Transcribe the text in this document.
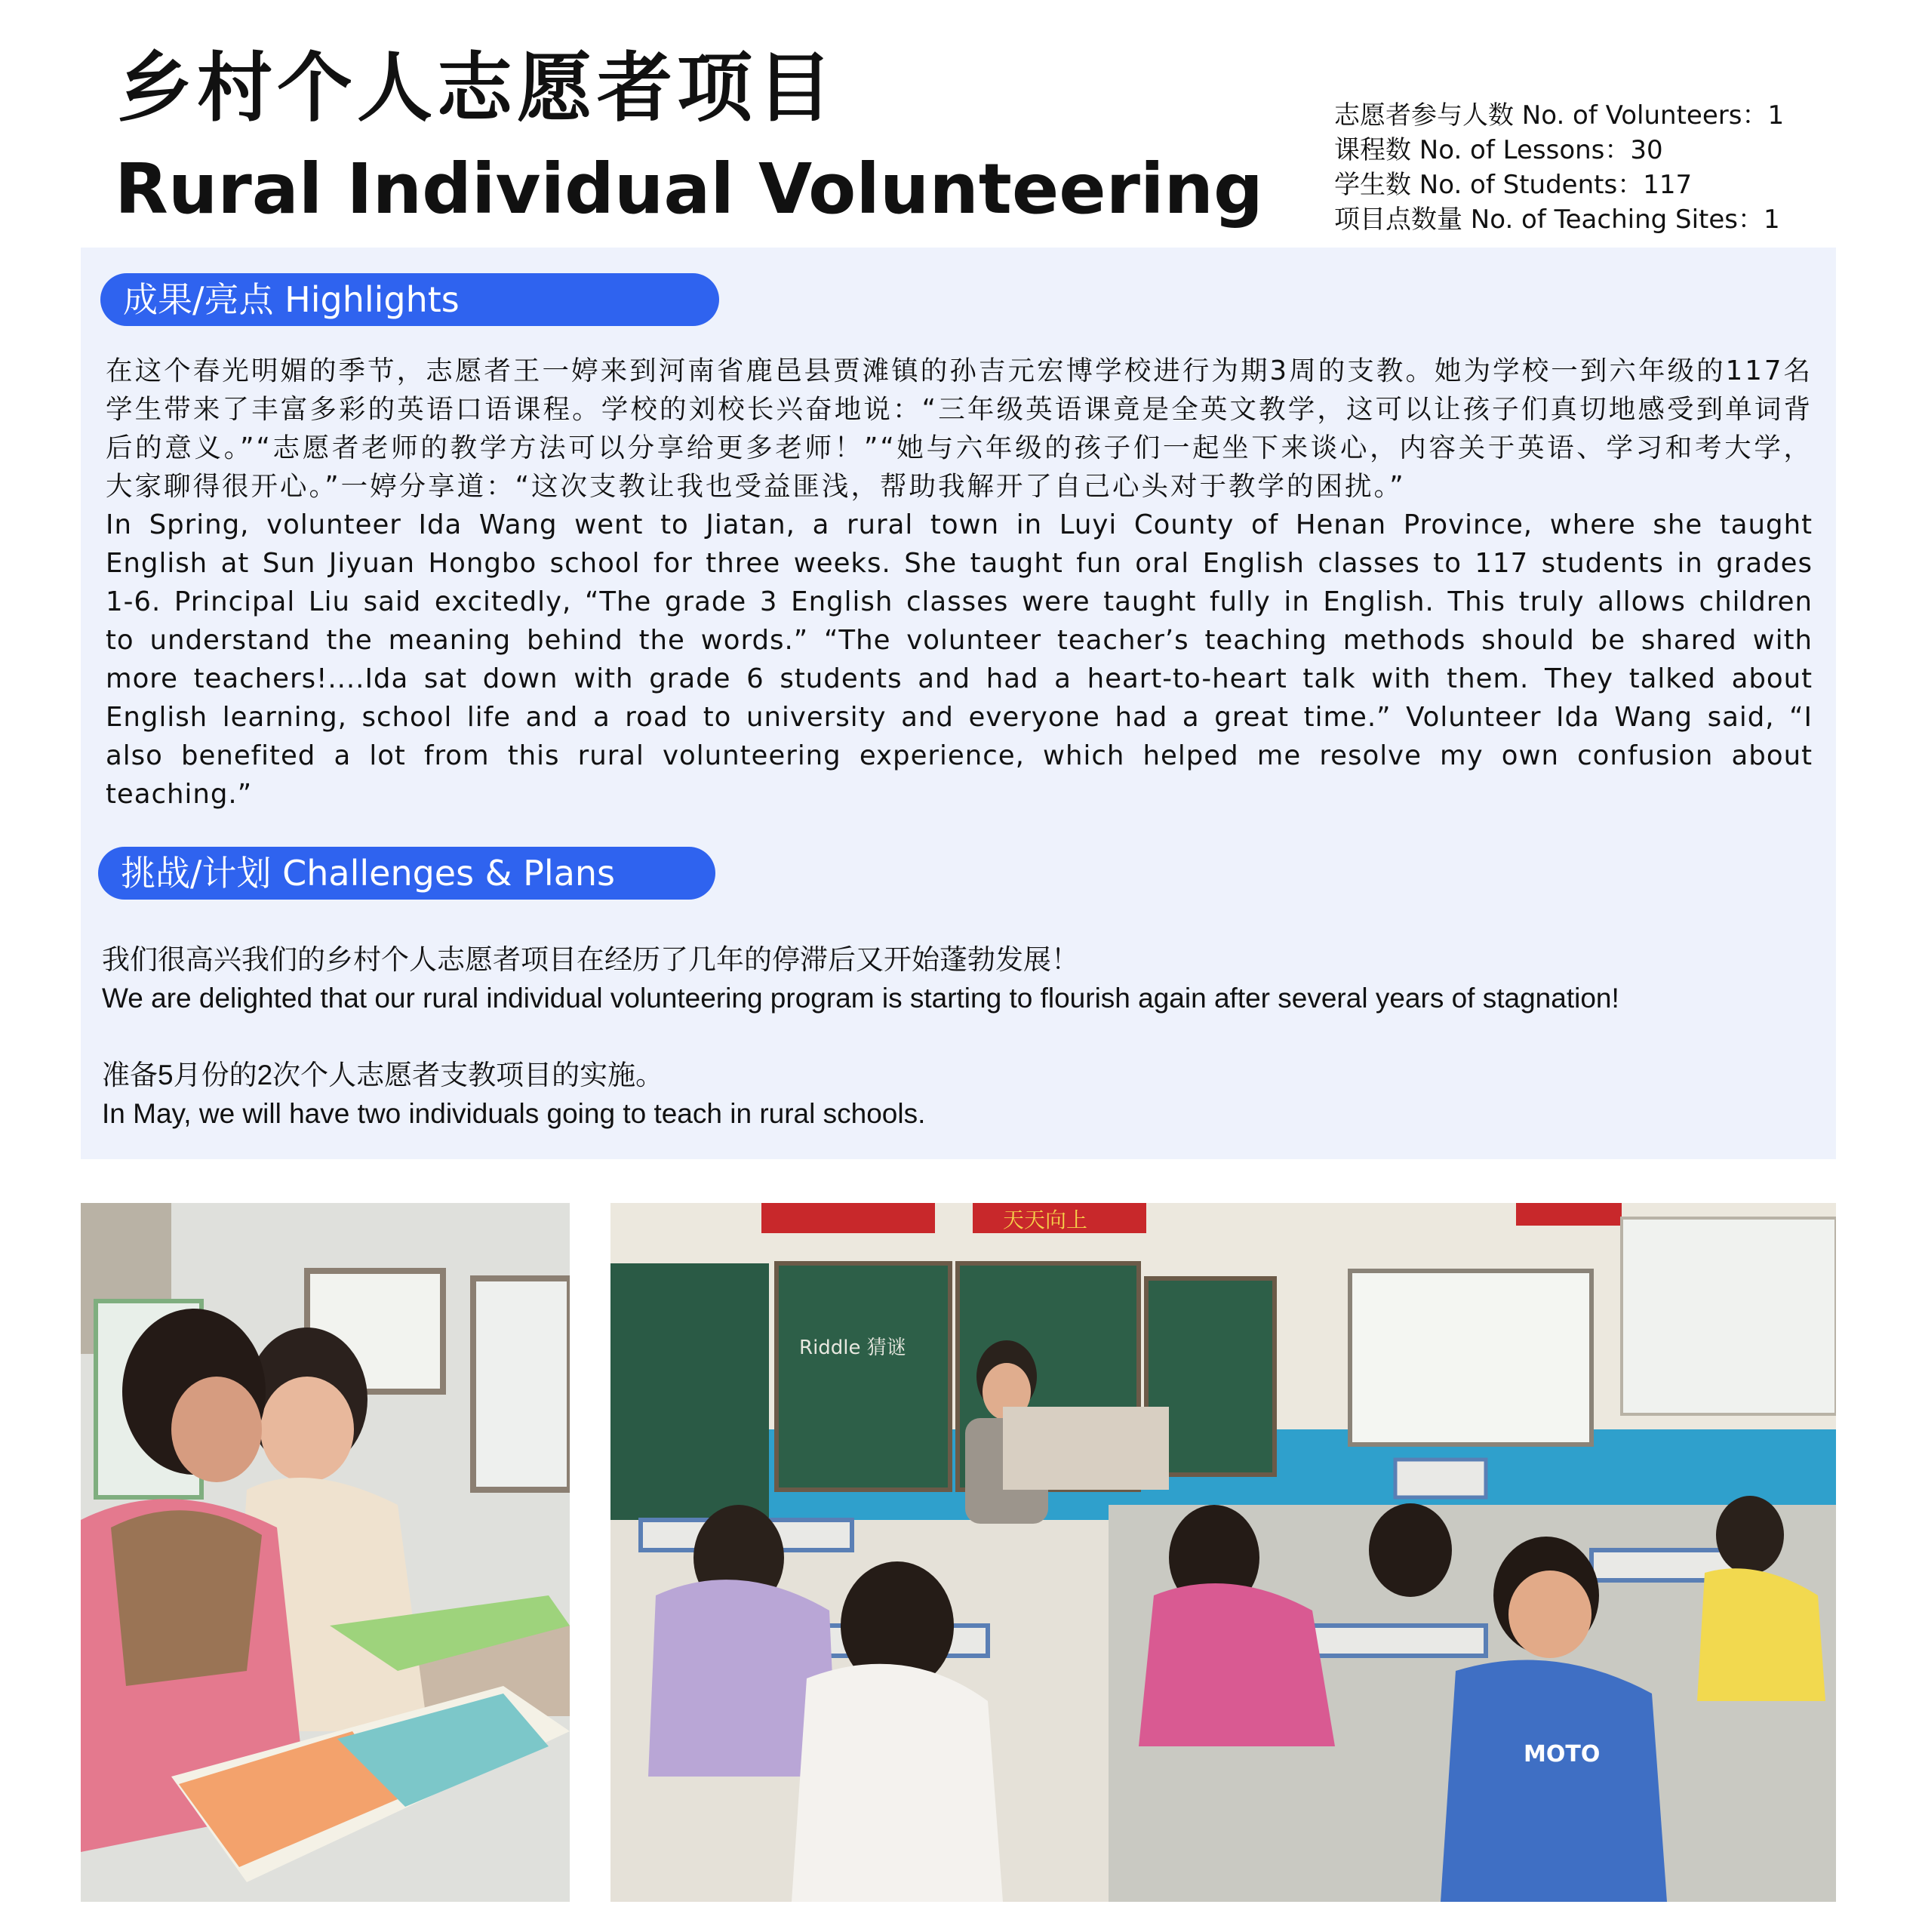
乡村个人志愿者项目
Rural Individual Volunteering
志愿者参与人数 No. of Volunteers：1
课程数 No. of Lessons：30
学生数 No. of Students：117
项目点数量 No. of Teaching Sites：1
成果/亮点 Highlights
在这个春光明媚的季节，志愿者王一婷来到河南省鹿邑县贾滩镇的孙吉元宏博学校进行为期3周的支教。她为学校一到六年级的117名学生带来了丰富多彩的英语口语课程。学校的刘校长兴奋地说：“三年级英语课竟是全英文教学，这可以让孩子们真切地感受到单词背后的意义。”“志愿者老师的教学方法可以分享给更多老师！”“她与六年级的孩子们一起坐下来谈心，内容关于英语、学习和考大学，大家聊得很开心。”一婷分享道：“这次支教让我也受益匪浅，帮助我解开了自己心头对于教学的困扰。”
In Spring, volunteer Ida Wang went to Jiatan, a rural town in Luyi County of Henan Province, where she taught English at Sun Jiyuan Hongbo school for three weeks. She taught fun oral English classes to 117 students in grades 1-6. Principal Liu said excitedly, “The grade 3 English classes were taught fully in English. This truly allows children to understand the meaning behind the words.” “The volunteer teacher’s teaching methods should be shared with more teachers!....Ida sat down with grade 6 students and had a heart-to-heart talk with them. They talked about English learning, school life and a road to university and everyone had a great time.” Volunteer Ida Wang said, “I also benefited a lot from this rural volunteering experience, which helped me resolve my own confusion about teaching.”
挑战/计划 Challenges & Plans
我们很高兴我们的乡村个人志愿者项目在经历了几年的停滞后又开始蓬勃发展！
We are delighted that our rural individual volunteering program is starting to flourish again after several years of stagnation!
准备5月份的2次个人志愿者支教项目的实施。
In May, we will have two individuals going to teach in rural schools.
Riddle 猜谜
天天向上
MOTO
